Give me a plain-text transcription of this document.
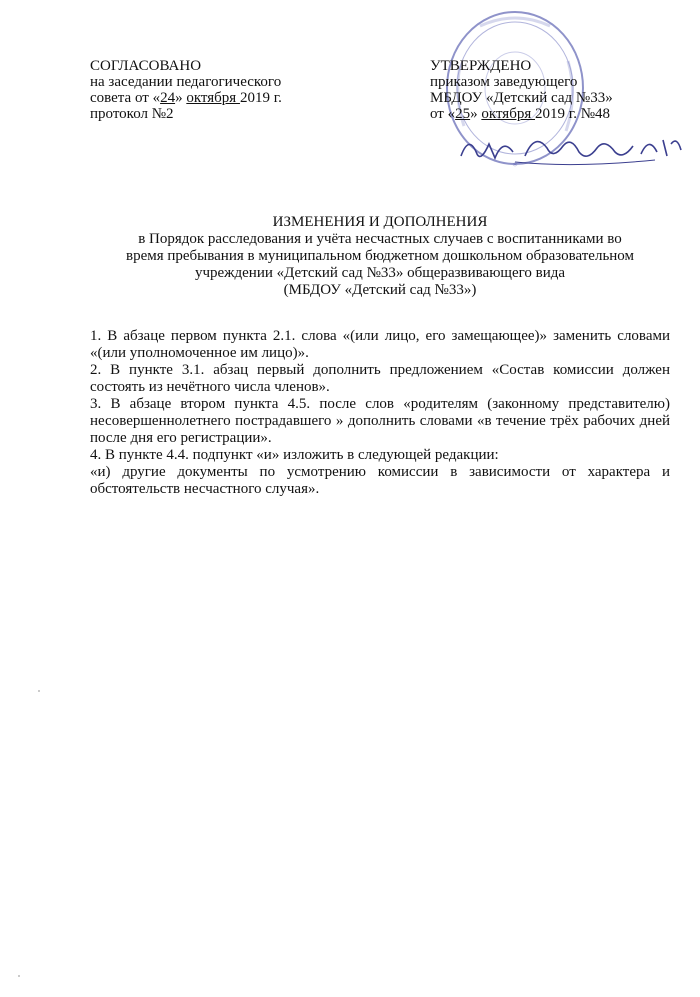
СОГЛАСОВАНО
на заседании педагогического
совета от «24» октября 2019 г.
протокол №2
*
УТВЕРЖДЕНО
приказом заведующего
МБДОУ «Детский сад №33»
от «25» октября 2019 г. №48
ИЗМЕНЕНИЯ И ДОПОЛНЕНИЯ
в Порядок расследования и учёта несчастных случаев с воспитанниками во
время пребывания в муниципальном бюджетном дошкольном образовательном
учреждении «Детский сад №33» общеразвивающего вида
(МБДОУ «Детский сад №33»)

1. В абзаце первом пункта 2.1. слова «(или лицо, его замещающее)» заменить словами «(или уполномоченное им лицо)».

2. В пункте 3.1. абзац первый дополнить предложением «Состав комиссии должен состоять из нечётного числа членов».

3. В абзаце втором пункта 4.5. после слов «родителям (законному представителю) несовершеннолетнего пострадавшего » дополнить словами «в течение трёх рабочих дней после дня его регистрации».

4. В пункте 4.4. подпункт «и» изложить в следующей редакции:

«и) другие документы по усмотрению комиссии в зависимости от характера и обстоятельств несчастного случая».
